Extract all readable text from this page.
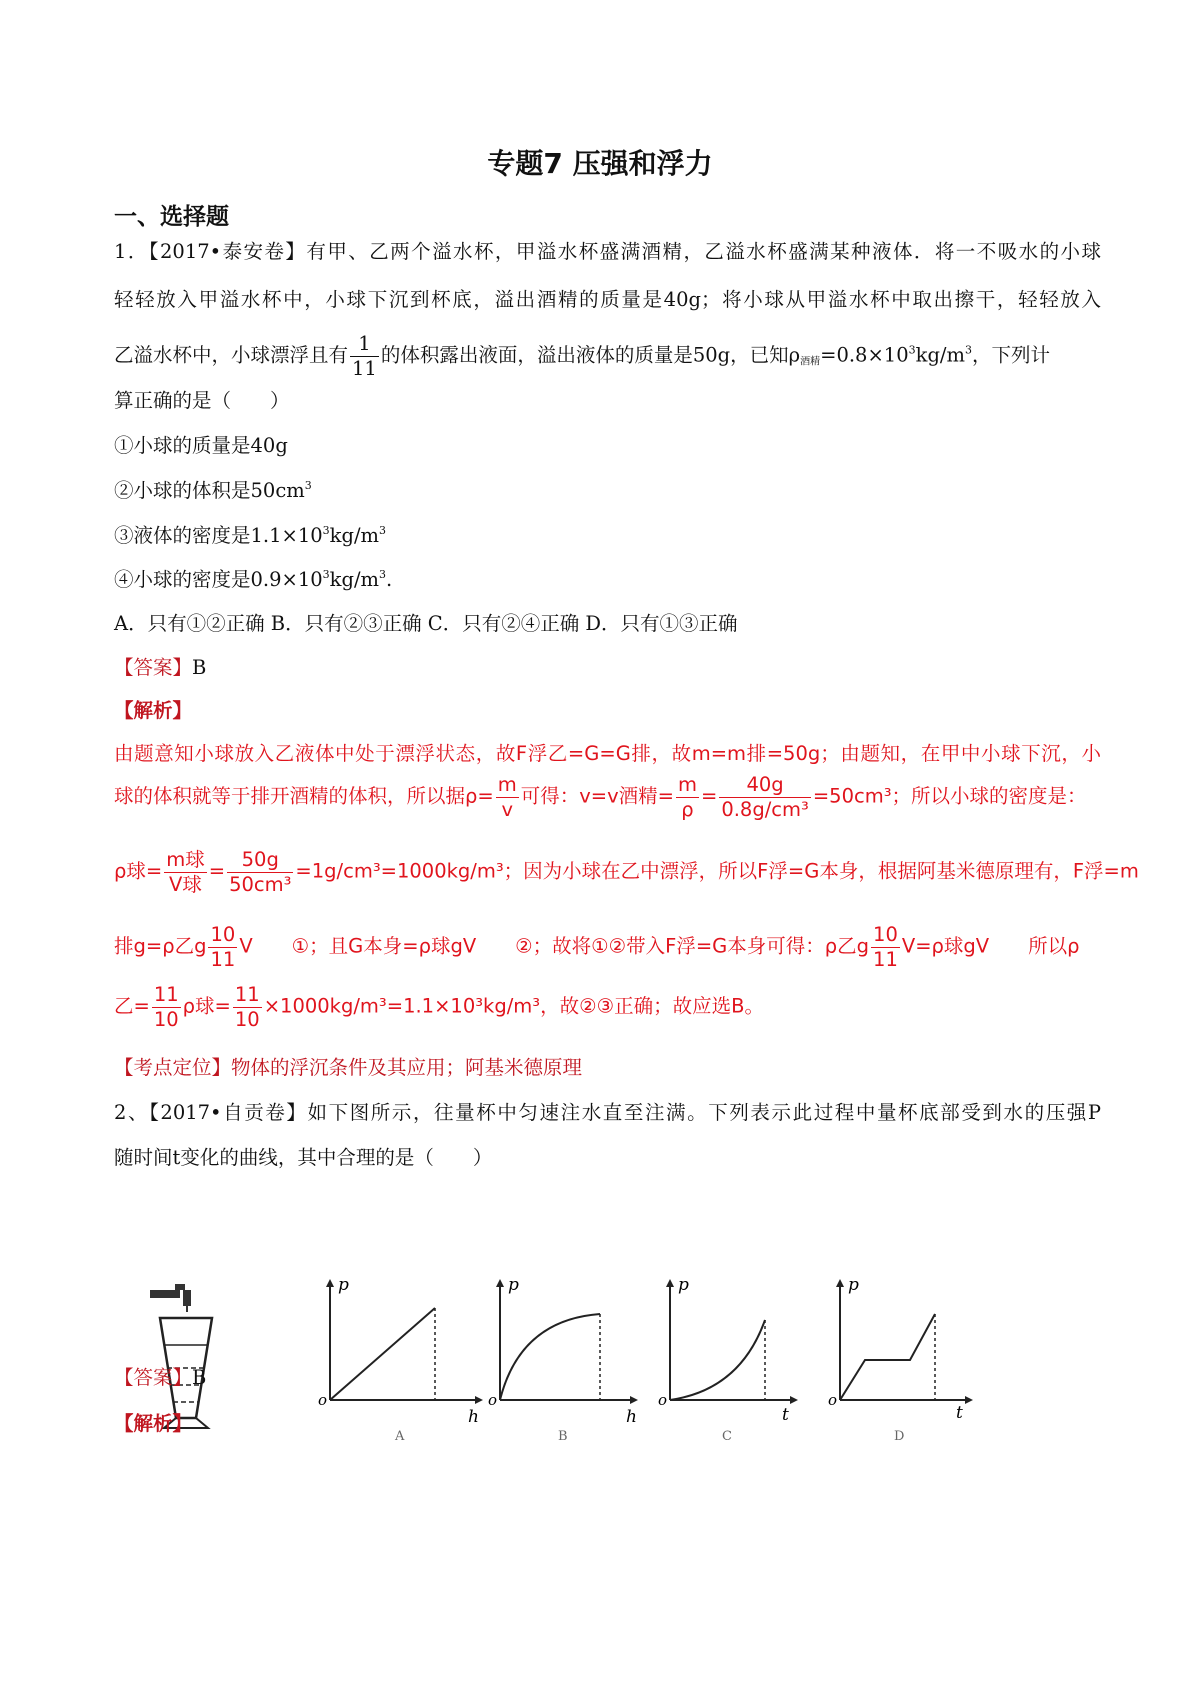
专题7 压强和浮力
一、选择题
1．【2017•泰安卷】有甲、乙两个溢水杯，甲溢水杯盛满酒精，乙溢水杯盛满某种液体．将一不吸水的小球
轻轻放入甲溢水杯中，小球下沉到杯底，溢出酒精的质量是40g；将小球从甲溢水杯中取出擦干，轻轻放入
乙溢水杯中，小球漂浮且有 $\frac{1}{11}$ 的体积露出液面，溢出液体的质量是50g，已知$\rho_{酒精}=0.8\times 10^3kg/m^3$，下列计
算正确的是（　　）
①小球的质量是40g
②小球的体积是$50cm^3$
③液体的密度是$1.1\times 10^3kg/m^3$
④小球的密度是$0.9\times 10^3kg/m^3$.
A．只有①②正确 B．只有②③正确 C．只有②④正确 D．只有①③正确
【答案】B
【解析】
由题意知小球放入乙液体中处于漂浮状态，故F浮乙=G=G排，故m=m排=50g；由题知，在甲中小球下沉，小
球的体积就等于排开酒精的体积，所以据$\rho= \frac{m}{v}$ 可得：v=v酒精= $\frac{m}{\rho} = \frac{40g}{\text{0.8g/cm³}} =50cm^3$；所以小球的密度是：
ρ球= $\frac{\text{m球}}{\text{V球}} = \frac{50g}{\text{50cm³}} =1g/cm^3=1000kg/m^3$；因为小球在乙中漂浮，所以F浮=G本身，根据阿基米德原理有，F浮=m
排g=ρ乙g $\frac{10}{11}$ V　　①；且G本身=ρ球gV　　②；故将①②带入F浮=G本身可得：ρ乙g $\frac{10}{11} V=\rho$球gV　　所以ρ
乙= $\frac{11}{10}$ ρ球= $\frac{11}{10} \times 1000kg/m^3=1.1\times 10^3kg/m^3$，故②③正确；故应选B。
【考点定位】物体的浮沉条件及其应用；阿基米德原理
2、【2017•自贡卷】如下图所示，往量杯中匀速注水直至注满。下列表示此过程中量杯底部受到水的压强P
随时间t变化的曲线，其中合理的是（　　）
o
p
h
A
o
p
h
B
o
p
t
C
o
p
t
D
【答案】B
【解析】
